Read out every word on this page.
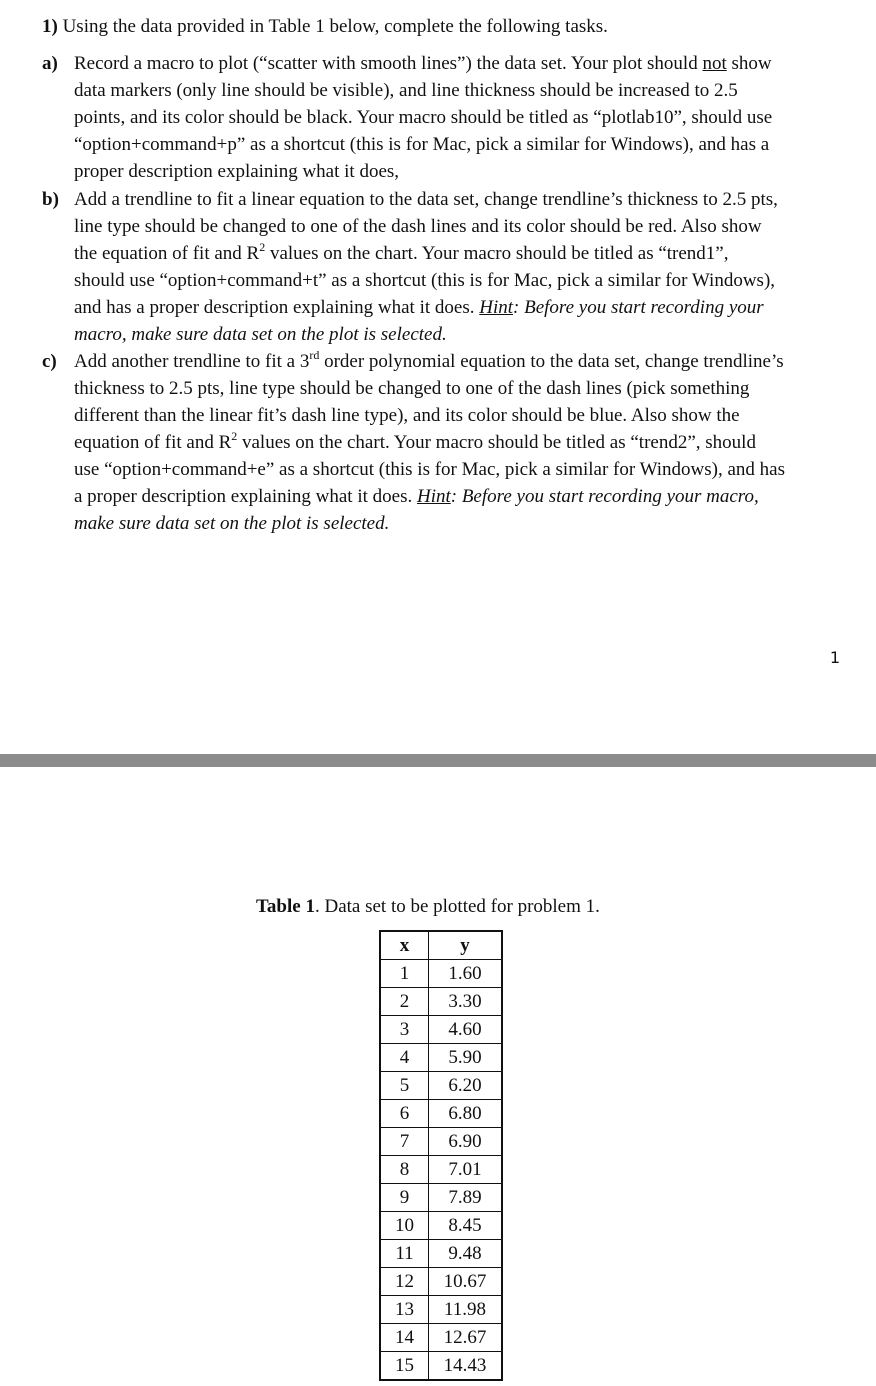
1) Using the data provided in Table 1 below, complete the following tasks.
a) Record a macro to plot (“scatter with smooth lines”) the data set. Your plot should not show
data markers (only line should be visible), and line thickness should be increased to 2.5
points, and its color should be black. Your macro should be titled as “plotlab10”, should use
“option+command+p” as a shortcut (this is for Mac, pick a similar for Windows), and has a
proper description explaining what it does,
b) Add a trendline to fit a linear equation to the data set, change trendline’s thickness to 2.5 pts,
line type should be changed to one of the dash lines and its color should be red. Also show
the equation of fit and $R^2$ values on the chart. Your macro should be titled as “trend1”,
should use “option+command+t” as a shortcut (this is for Mac, pick a similar for Windows),
and has a proper description explaining what it does. Hint: Before you start recording your
macro, make sure data set on the plot is selected.
c) Add another trendline to fit a 3rd order polynomial equation to the data set, change trendline’s
thickness to 2.5 pts, line type should be changed to one of the dash lines (pick something
different than the linear fit’s dash line type), and its color should be blue. Also show the
equation of fit and $R^2$ values on the chart. Your macro should be titled as “trend2”, should
use “option+command+e” as a shortcut (this is for Mac, pick a similar for Windows), and has
a proper description explaining what it does. Hint: Before you start recording your macro,
make sure data set on the plot is selected.
1
Table 1. Data set to be plotted for problem 1.
x	y
1	1.60
2	3.30
3	4.60
4	5.90
5	6.20
6	6.80
7	6.90
8	7.01
9	7.89
10	8.45
11	9.48
12	10.67
13	11.98
14	12.67
15	14.43
